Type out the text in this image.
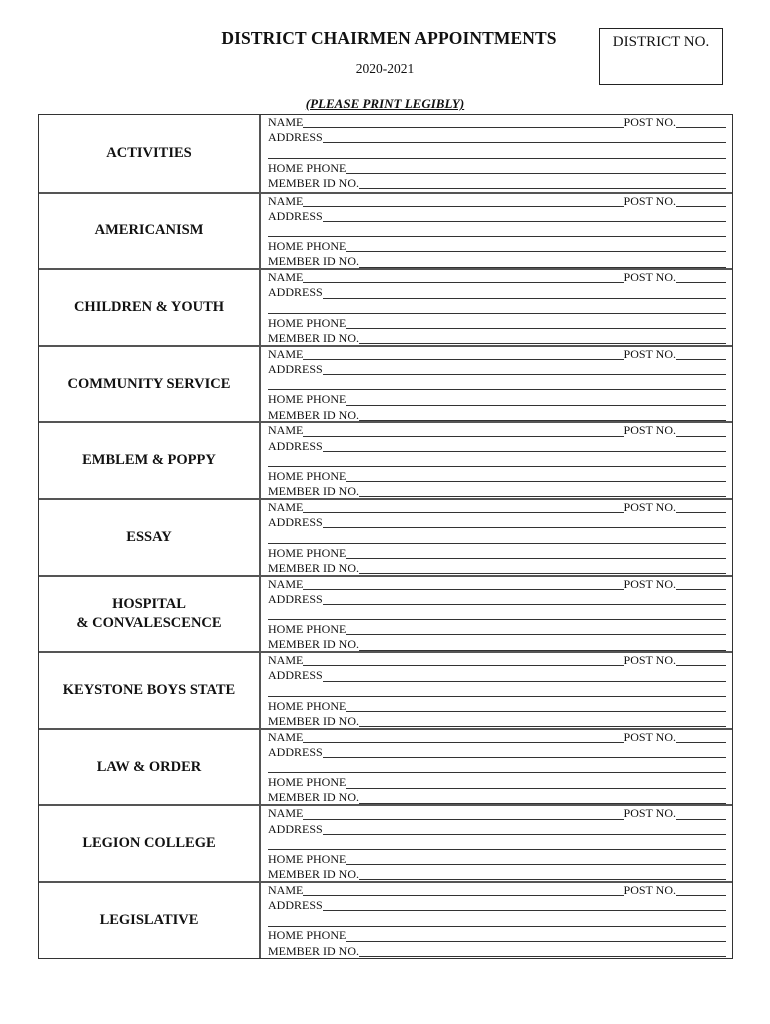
DISTRICT CHAIRMEN APPOINTMENTS
2020-2021
DISTRICT NO.
(PLEASE PRINT LEGIBLY)
ACTIVITIES
NAME	POST NO.
ADDRESS
HOME PHONE
MEMBER ID NO.
AMERICANISM
NAME	POST NO.
ADDRESS
HOME PHONE
MEMBER ID NO.
CHILDREN & YOUTH
NAME	POST NO.
ADDRESS
HOME PHONE
MEMBER ID NO.
COMMUNITY SERVICE
NAME	POST NO.
ADDRESS
HOME PHONE
MEMBER ID NO.
EMBLEM & POPPY
NAME	POST NO.
ADDRESS
HOME PHONE
MEMBER ID NO.
ESSAY
NAME	POST NO.
ADDRESS
HOME PHONE
MEMBER ID NO.
HOSPITAL
& CONVALESCENCE
NAME	POST NO.
ADDRESS
HOME PHONE
MEMBER ID NO.
KEYSTONE BOYS STATE
NAME	POST NO.
ADDRESS
HOME PHONE
MEMBER ID NO.
LAW & ORDER
NAME	POST NO.
ADDRESS
HOME PHONE
MEMBER ID NO.
LEGION COLLEGE
NAME	POST NO.
ADDRESS
HOME PHONE
MEMBER ID NO.
LEGISLATIVE
NAME	POST NO.
ADDRESS
HOME PHONE
MEMBER ID NO.
